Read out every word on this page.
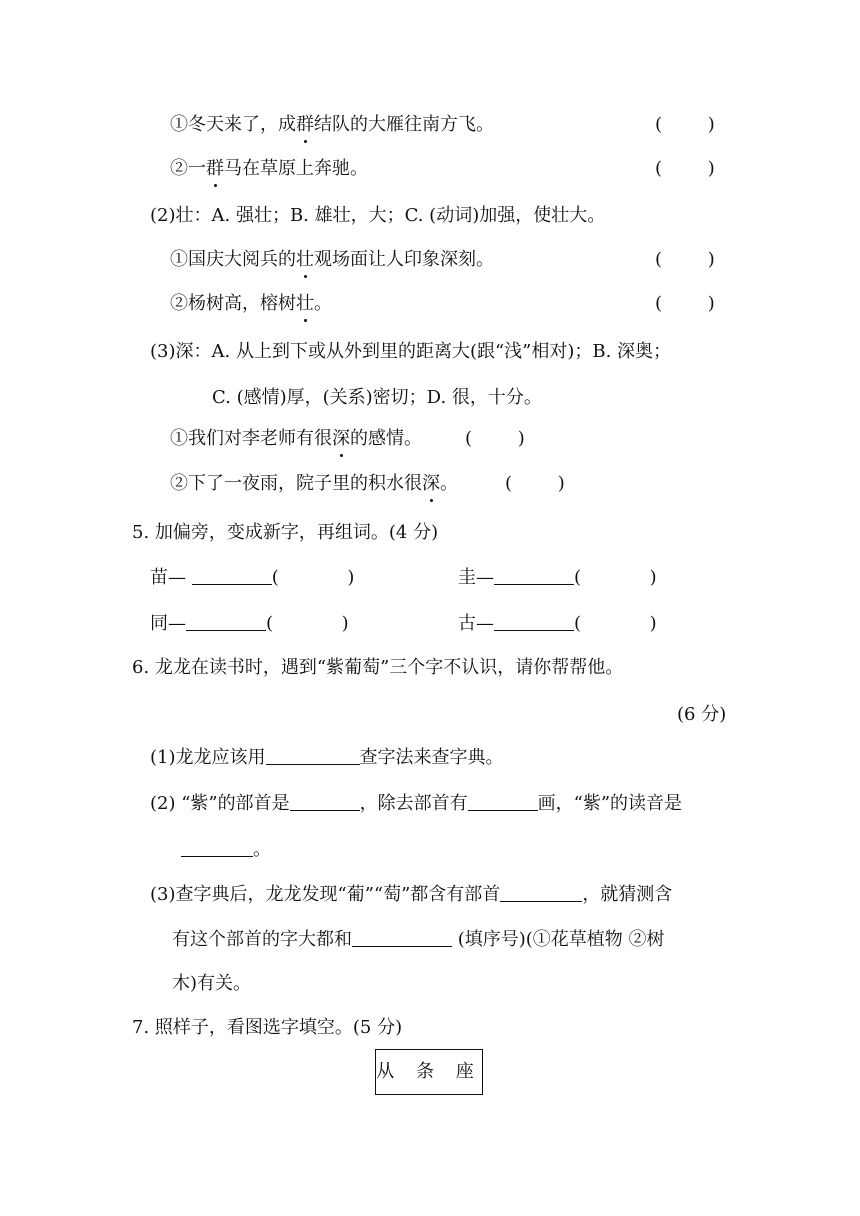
①冬天来了，成群结队的大雁往南方飞。	(        )
②一群马在草原上奔驰。	(        )
(2)壮：A. 强壮；B. 雄壮，大；C. (动词)加强，使壮大。
①国庆大阅兵的壮观场面让人印象深刻。	(        )
②杨树高，榕树壮。	(        )
(3)深：A. 从上到下或从外到里的距离大(跟“浅”相对)；B. 深奥；
C. (感情)厚，(关系)密切；D. 很，十分。
①我们对李老师有很深的感情。 (        )
②下了一夜雨，院子里的积水很深。	(        )
5. 加偏旁，变成新字，再组词。(4 分)
苗—	(            )	圭—	(            )
同—	(            )	古—	(            )
6. 龙龙在读书时，遇到“紫葡萄”三个字不认识，请你帮帮他。
(6 分)
(1)龙龙应该用	查字法来查字典。
(2) “紫”的部首是	，除去部首有	画，“紫”的读音是
。
(3)查字典后，龙龙发现“葡”“萄”都含有部首	，就猜测含
有这个部首的字大都和	(填序号)(①花草植物 ②树
木)有关。
7. 照样子，看图选字填空。(5 分)
从 条 座
